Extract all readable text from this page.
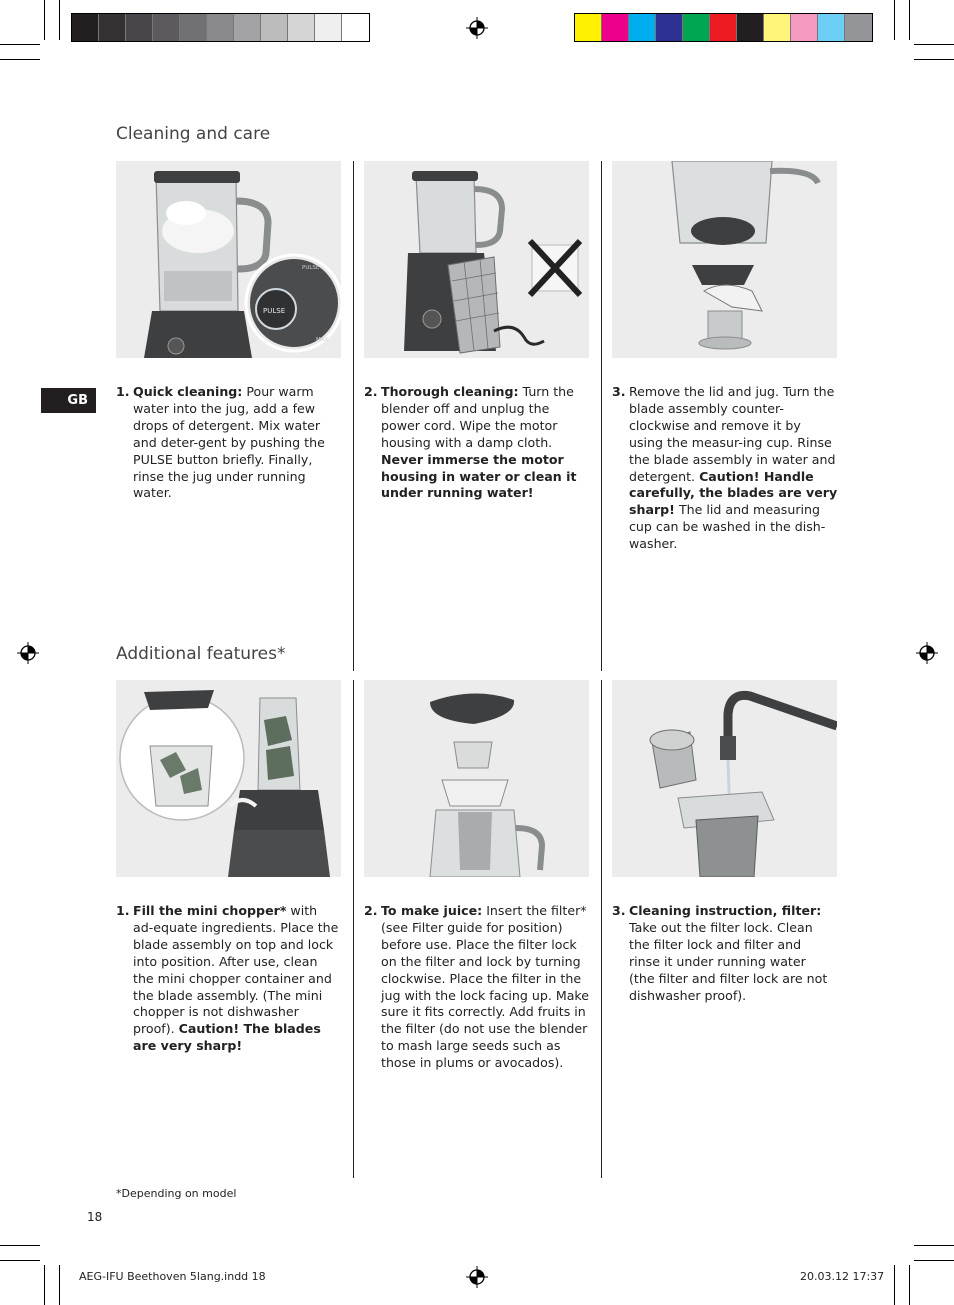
Cleaning and care
Additional features*
PULSE
PULSE
MAX
GB
1. Quick cleaning: Pour warm water into the jug, add a few drops of detergent. Mix water and deter-gent by pushing the PULSE button briefly. Finally, rinse the jug under running water.
2. Thorough cleaning: Turn the blender off and unplug the power cord. Wipe the motor housing with a damp cloth. Never immerse the motor housing in water or clean it under running water!
3. Remove the lid and jug. Turn the blade assembly counter-clockwise and remove it by using the measur-ing cup. Rinse the blade assembly in water and detergent. Caution! Handle carefully, the blades are very sharp! The lid and measuring cup can be washed in the dish-washer.
1. Fill the mini chopper* with ad-equate ingredients. Place the blade assembly on top and lock into position. After use, clean the mini chopper container and the blade assembly. (The mini chopper is not dishwasher proof). Caution! The blades are very sharp!
2. To make juice: Insert the filter* (see Filter guide for position) before use. Place the filter lock on the filter and lock by turning clockwise. Place the filter in the jug with the lock facing up. Make sure it fits correctly. Add fruits in the filter (do not use the blender to mash large seeds such as those in plums or avocados).
3. Cleaning instruction, filter: Take out the filter lock. Clean the filter lock and filter and rinse it under running water (the filter and filter lock are not dishwasher proof).
*Depending on model
18
AEG-IFU Beethoven 5lang.indd 18	20.03.12 17:37
